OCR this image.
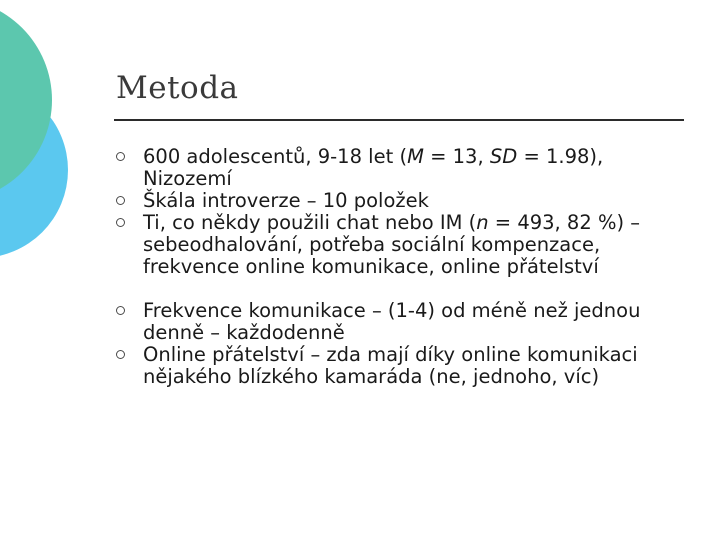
Metoda
600 adolescentů, 9-18 let (M = 13, SD = 1.98), Nizozemí
Škála introverze – 10 položek
Ti, co někdy použili chat nebo IM (n = 493, 82 %) – sebeodhalování, potřeba sociální kompenzace, frekvence online komunikace, online přátelství
Frekvence komunikace – (1-4) od méně než jednou denně – každodenně
Online přátelství – zda mají díky online komunikaci nějakého blízkého kamaráda (ne, jednoho, víc)
